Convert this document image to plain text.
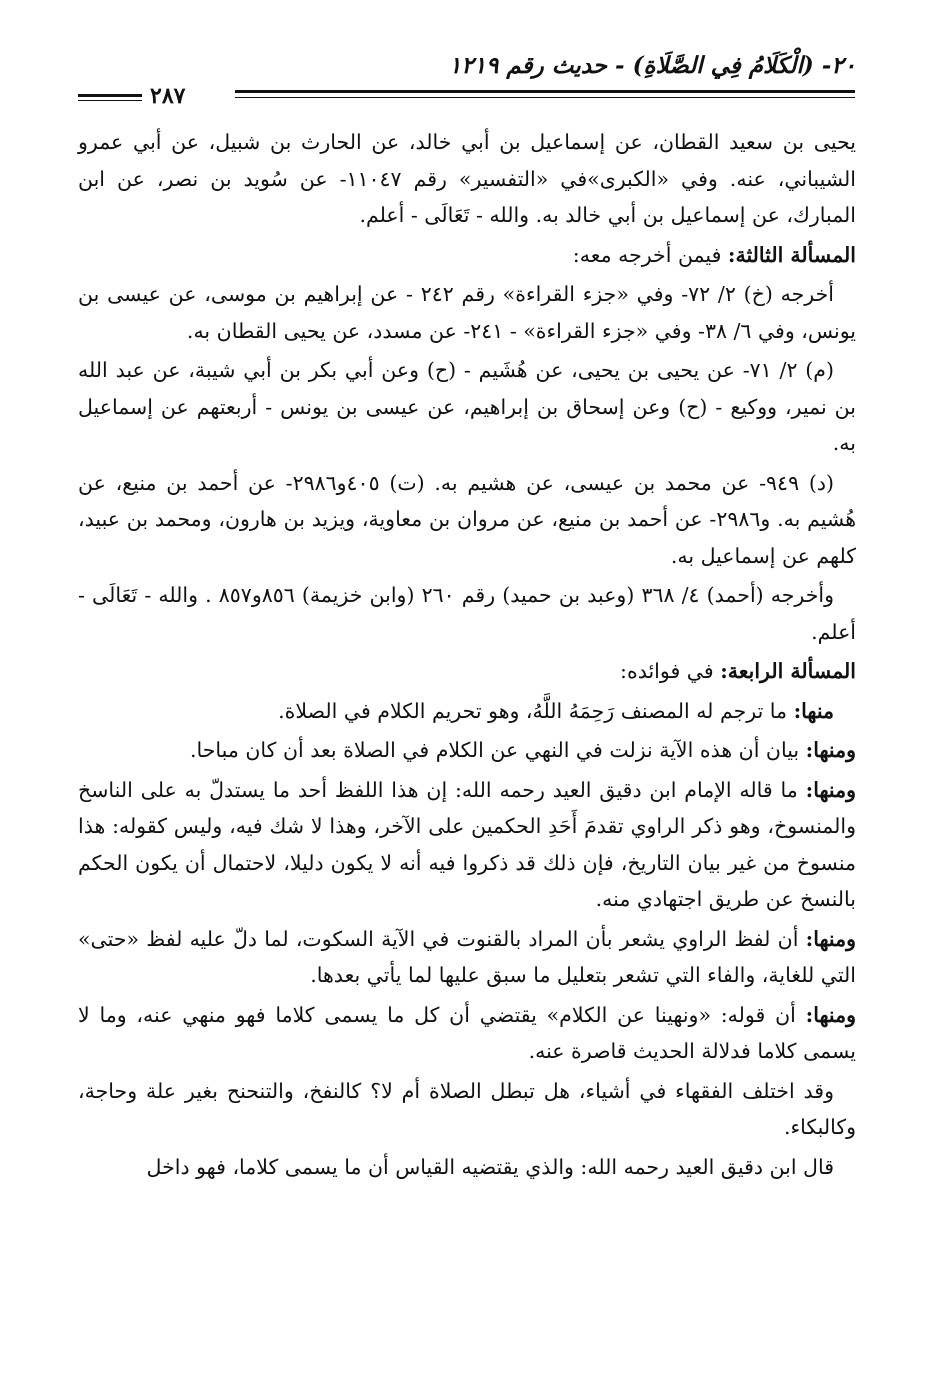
٢٠- (الْكَلَامُ فِي الصَّلَاةِ) - حديث رقم ١٢١٩
٢٨٧

يحيى بن سعيد القطان، عن إسماعيل بن أبي خالد، عن الحارث بن شبيل، عن أبي عمرو الشيباني، عنه. وفي «الكبرى»في «التفسير» رقم ١١٠٤٧- عن سُويد بن نصر، عن ابن المبارك، عن إسماعيل بن أبي خالد به. والله - تَعَالَى - أعلم.

المسألة الثالثة: فيمن أخرجه معه:

أخرجه (خ) ٢/ ٧٢- وفي «جزء القراءة» رقم ٢٤٢ - عن إبراهيم بن موسى، عن عيسى بن يونس، وفي ٦/ ٣٨- وفي «جزء القراءة» - ٢٤١- عن مسدد، عن يحيى القطان به.

(م) ٢/ ٧١- عن يحيى بن يحيى، عن هُشَيم - (ح) وعن أبي بكر بن أبي شيبة، عن عبد الله بن نمير، ووكيع - (ح) وعن إسحاق بن إبراهيم، عن عيسى بن يونس - أربعتهم عن إسماعيل به.

(د) ٩٤٩- عن محمد بن عيسى، عن هشيم به. (ت) ٤٠٥و٢٩٨٦- عن أحمد بن منيع، عن هُشيم به. و٢٩٨٦- عن أحمد بن منيع، عن مروان بن معاوية، ويزيد بن هارون، ومحمد بن عبيد، كلهم عن إسماعيل به.

وأخرجه (أحمد) ٤/ ٣٦٨ (وعبد بن حميد) رقم ٢٦٠ (وابن خزيمة) ٨٥٦و٨٥٧ . والله - تَعَالَى - أعلم.

المسألة الرابعة: في فوائده:

منها: ما ترجم له المصنف رَحِمَهُ اللَّهُ، وهو تحريم الكلام في الصلاة.

ومنها: بيان أن هذه الآية نزلت في النهي عن الكلام في الصلاة بعد أن كان مباحا.

ومنها: ما قاله الإمام ابن دقيق العيد رحمه الله: إن هذا اللفظ أحد ما يستدلّ به على الناسخ والمنسوخ، وهو ذكر الراوي تقدمَ أَحَدِ الحكمين على الآخر، وهذا لا شك فيه، وليس كقوله: هذا منسوخ من غير بيان التاريخ، فإن ذلك قد ذكروا فيه أنه لا يكون دليلا، لاحتمال أن يكون الحكم بالنسخ عن طريق اجتهادي منه.

ومنها: أن لفظ الراوي يشعر بأن المراد بالقنوت في الآية السكوت، لما دلّ عليه لفظ «حتى» التي للغاية، والفاء التي تشعر بتعليل ما سبق عليها لما يأتي بعدها.

ومنها: أن قوله: «ونهينا عن الكلام» يقتضي أن كل ما يسمى كلاما فهو منهي عنه، وما لا يسمى كلاما فدلالة الحديث قاصرة عنه.

وقد اختلف الفقهاء في أشياء، هل تبطل الصلاة أم لا؟ كالنفخ، والتنحنح بغير علة وحاجة، وكالبكاء.

قال ابن دقيق العيد رحمه الله: والذي يقتضيه القياس أن ما يسمى كلاما، فهو داخل
